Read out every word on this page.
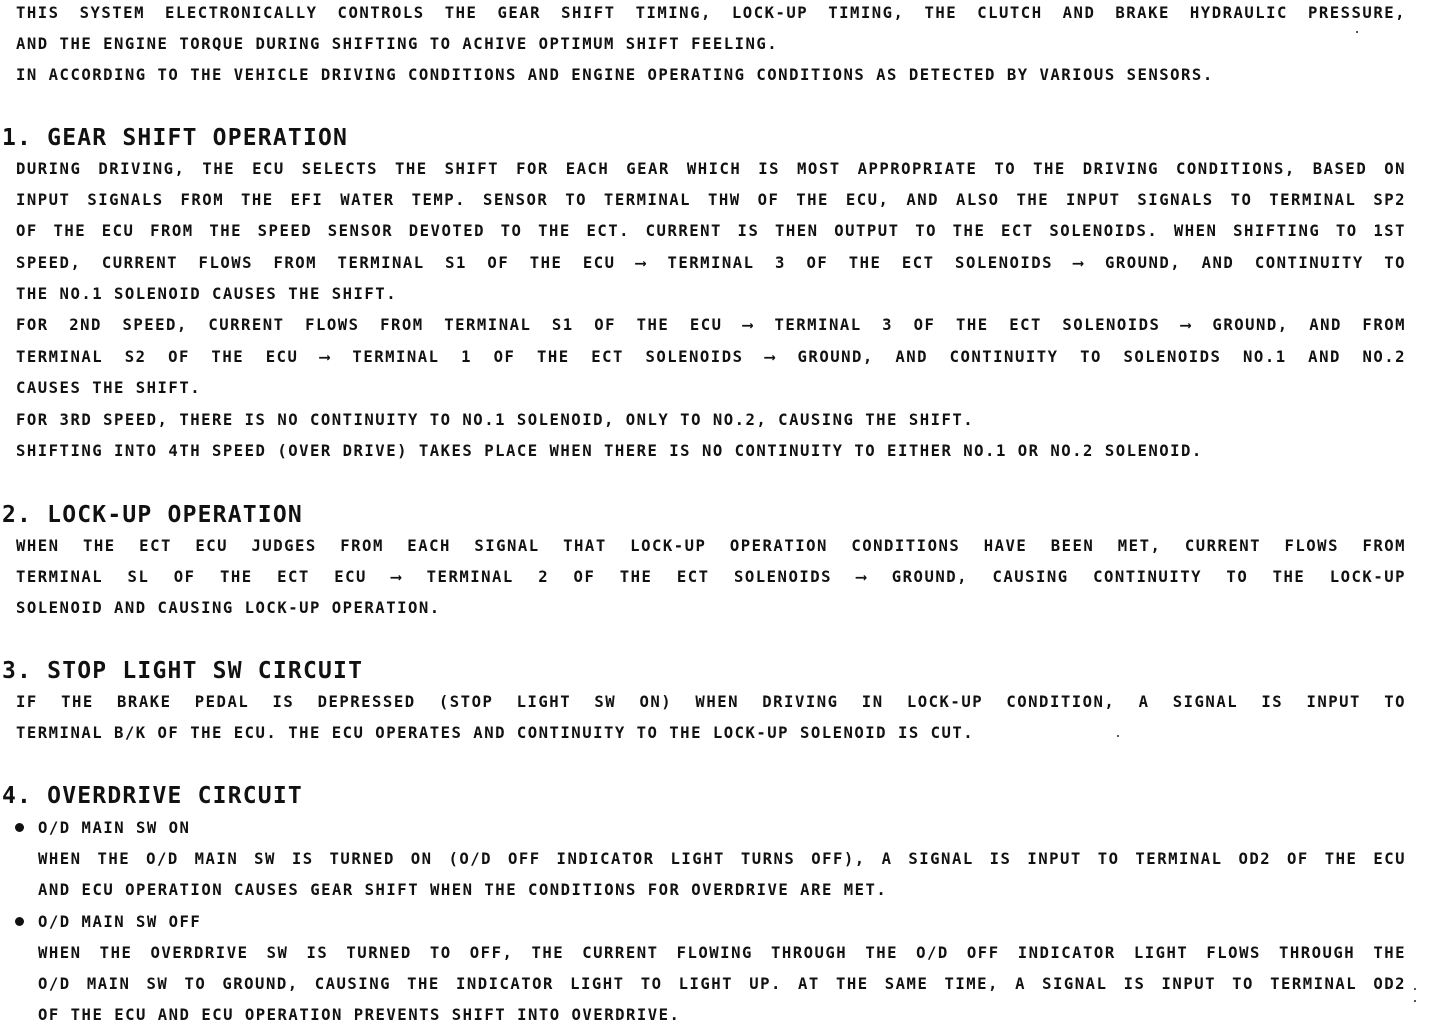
THIS SYSTEM ELECTRONICALLY CONTROLS THE GEAR SHIFT TIMING, LOCK-UP TIMING, THE CLUTCH AND BRAKE HYDRAULIC PRESSURE,
AND THE ENGINE TORQUE DURING SHIFTING TO ACHIVE OPTIMUM SHIFT FEELING.
IN ACCORDING TO THE VEHICLE DRIVING CONDITIONS AND ENGINE OPERATING CONDITIONS AS DETECTED BY VARIOUS SENSORS.
1. GEAR SHIFT OPERATION
DURING DRIVING, THE ECU SELECTS THE SHIFT FOR EACH GEAR WHICH IS MOST APPROPRIATE TO THE DRIVING CONDITIONS, BASED ON
INPUT SIGNALS FROM THE EFI WATER TEMP. SENSOR TO TERMINAL THW OF THE ECU, AND ALSO THE INPUT SIGNALS TO TERMINAL SP2
OF THE ECU FROM THE SPEED SENSOR DEVOTED TO THE ECT. CURRENT IS THEN OUTPUT TO THE ECT SOLENOIDS. WHEN SHIFTING TO 1ST
SPEED, CURRENT FLOWS FROM TERMINAL S1 OF THE ECU ⟶ TERMINAL 3 OF THE ECT SOLENOIDS ⟶ GROUND, AND CONTINUITY TO
THE NO.1 SOLENOID CAUSES THE SHIFT.
FOR 2ND SPEED, CURRENT FLOWS FROM TERMINAL S1 OF THE ECU ⟶ TERMINAL 3 OF THE ECT SOLENOIDS ⟶ GROUND, AND FROM
TERMINAL S2 OF THE ECU ⟶ TERMINAL 1 OF THE ECT SOLENOIDS ⟶ GROUND, AND CONTINUITY TO SOLENOIDS NO.1 AND NO.2
CAUSES THE SHIFT.
FOR 3RD SPEED, THERE IS NO CONTINUITY TO NO.1 SOLENOID, ONLY TO NO.2, CAUSING THE SHIFT.
SHIFTING INTO 4TH SPEED (OVER DRIVE) TAKES PLACE WHEN THERE IS NO CONTINUITY TO EITHER NO.1 OR NO.2 SOLENOID.
2. LOCK-UP OPERATION
WHEN THE ECT ECU JUDGES FROM EACH SIGNAL THAT LOCK-UP OPERATION CONDITIONS HAVE BEEN MET, CURRENT FLOWS FROM
TERMINAL SL OF THE ECT ECU ⟶ TERMINAL 2 OF THE ECT SOLENOIDS ⟶ GROUND, CAUSING CONTINUITY TO THE LOCK-UP
SOLENOID AND CAUSING LOCK-UP OPERATION.
3. STOP LIGHT SW CIRCUIT
IF THE BRAKE PEDAL IS DEPRESSED (STOP LIGHT SW ON) WHEN DRIVING IN LOCK-UP CONDITION, A SIGNAL IS INPUT TO
TERMINAL B/K OF THE ECU. THE ECU OPERATES AND CONTINUITY TO THE LOCK-UP SOLENOID IS CUT.
4. OVERDRIVE CIRCUIT
O/D MAIN SW ON
WHEN THE O/D MAIN SW IS TURNED ON (O/D OFF INDICATOR LIGHT TURNS OFF), A SIGNAL IS INPUT TO TERMINAL OD2 OF THE ECU
AND ECU OPERATION CAUSES GEAR SHIFT WHEN THE CONDITIONS FOR OVERDRIVE ARE MET.
O/D MAIN SW OFF
WHEN THE OVERDRIVE SW IS TURNED TO OFF, THE CURRENT FLOWING THROUGH THE O/D OFF INDICATOR LIGHT FLOWS THROUGH THE
O/D MAIN SW TO GROUND, CAUSING THE INDICATOR LIGHT TO LIGHT UP. AT THE SAME TIME, A SIGNAL IS INPUT TO TERMINAL OD2
OF THE ECU AND ECU OPERATION PREVENTS SHIFT INTO OVERDRIVE.
